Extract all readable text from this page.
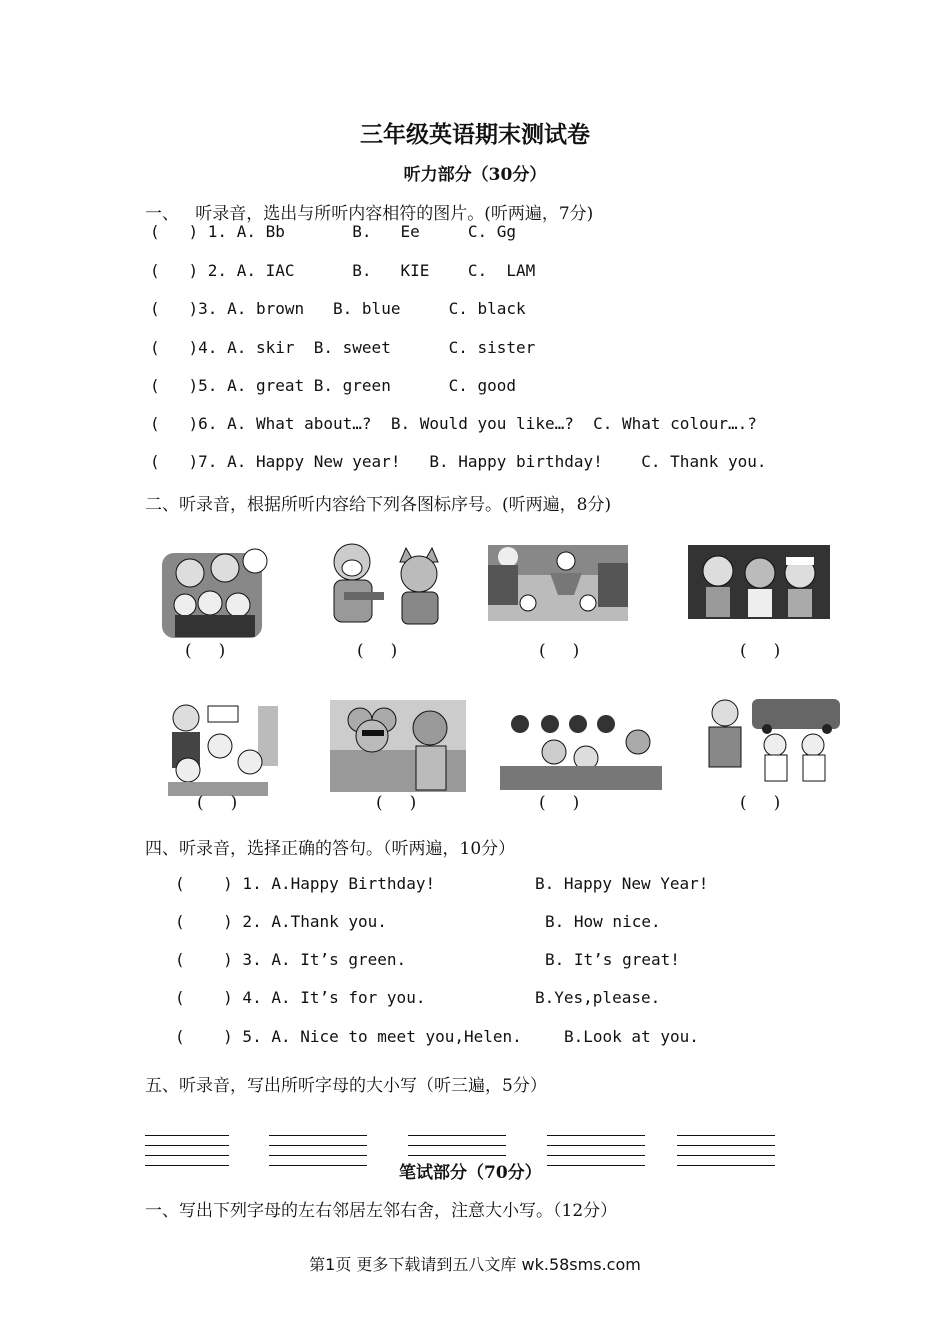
三年级英语期末测试卷
听力部分（30分）
一、   听录音，选出与所听内容相符的图片。(听两遍，7分)
(   ) 1. A. Bb       B.   Ee     C. Gg
(   ) 2. A. IAC      B.   KIE    C.  LAM
(   )3. A. brown   B. blue     C. black
(   )4. A. skir  B. sweet      C. sister
(   )5. A. great B. green      C. good
(   )6. A. What about…?  B. Would you like…?  C. What colour….?
(   )7. A. Happy New year!   B. Happy birthday!    C. Thank you.
二、听录音，根据所听内容给下列各图标序号。(听两遍，8分)
(     )	(     )	(     )	(     )
(     )	(     )	(     )	(     )
四、听录音，选择正确的答句。（听两遍，10分）
(    ) 1. A.Happy Birthday!	B. Happy New Year!
(    ) 2. A.Thank you.	B. How nice.
(    ) 3. A. It’s green.	B. It’s great!
(    ) 4. A. It’s for you.	B.Yes,please.
(    ) 5. A. Nice to meet you,Helen.	B.Look at you.
五、听录音，写出所听字母的大小写（听三遍，5分）
笔试部分（70分）
一、写出下列字母的左右邻居左邻右舍，注意大小写。（12分）
第1页 更多下载请到五八文库 wk.58sms.com
